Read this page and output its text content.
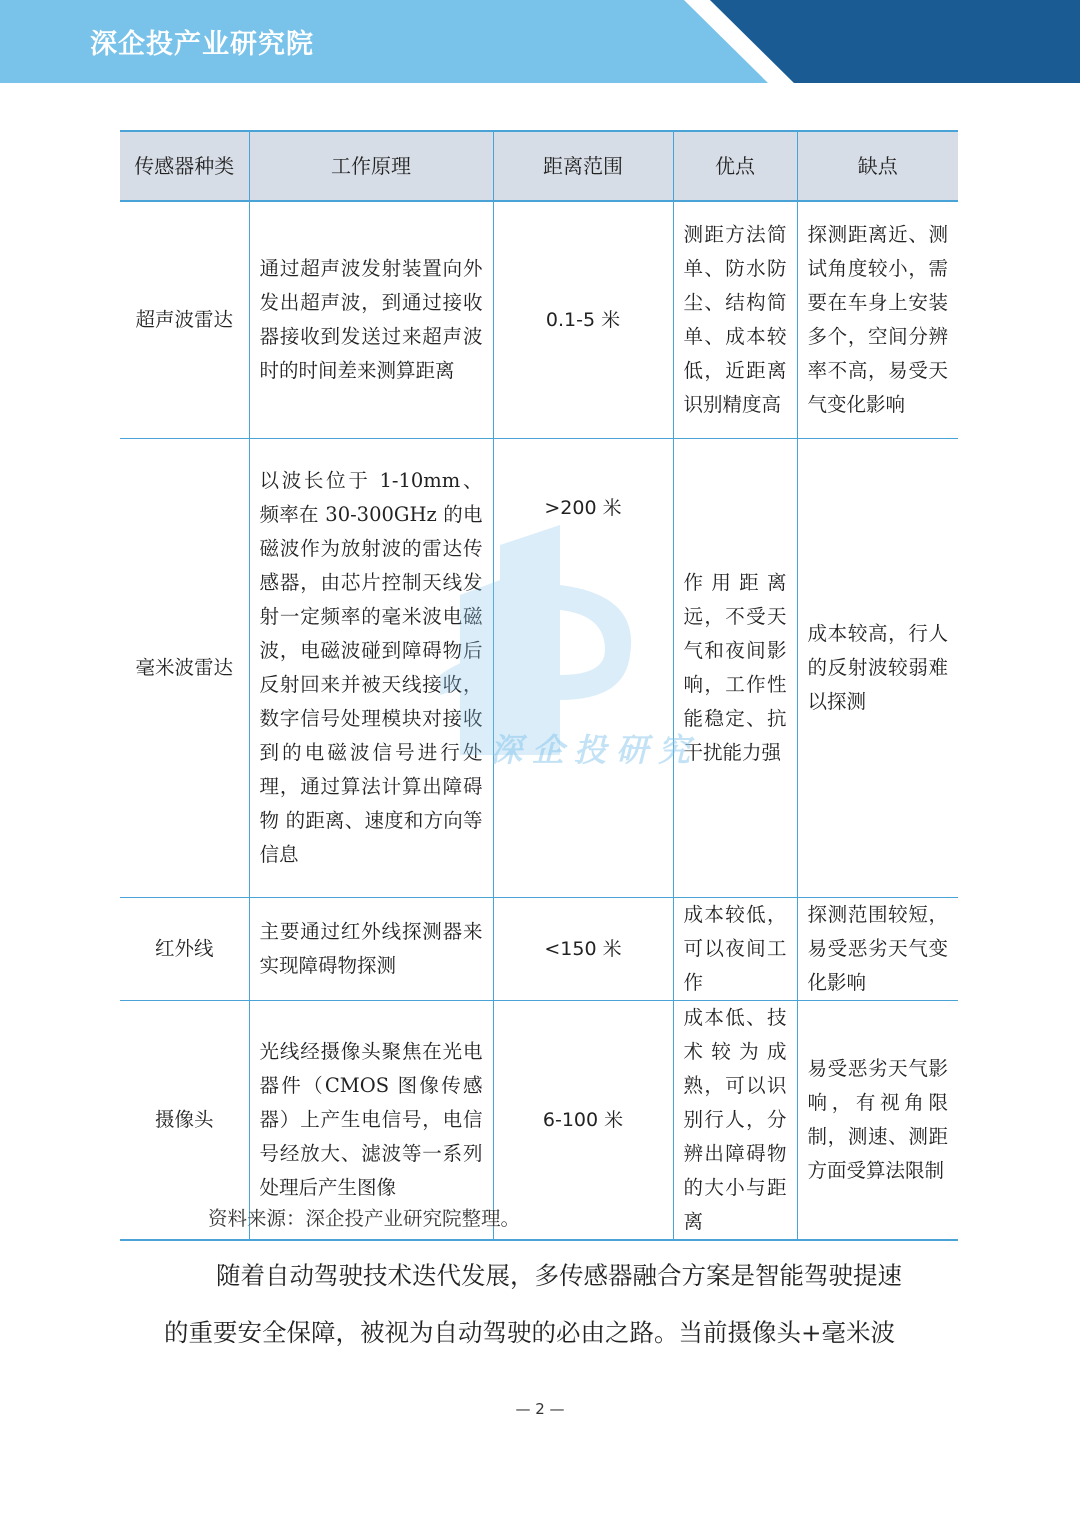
深企投产业研究院
传感器种类	工作原理	距离范围	优点	缺点
超声波雷达	通过超声波发射装置向外发出超声波，到通过接收器接收到发送过来超声波时的时间差来测算距离	0.1-5 米	测距方法简单、防水防尘、结构简单、成本较低，近距离识别精度高	探测距离近、测试角度较小，需要在车身上安装多个，空间分辨率不高，易受天气变化影响
毫米波雷达	以波长位于 1-10mm、频率在 30-300GHz 的电磁波作为放射波的雷达传感器，由芯片控制天线发射一定频率的毫米波电磁波，电磁波碰到障碍物后反射回来并被天线接收，数字信号处理模块对接收到的电磁波信号进行处理，通过算法计算出障碍物 的距离、速度和方向等信息	>200 米	作用距离远，不受天气和夜间影响，工作性能稳定、抗干扰能力强	成本较高，行人的反射波较弱难以探测
红外线	主要通过红外线探测器来实现障碍物探测	<150 米	成本较低，可以夜间工作	探测范围较短，易受恶劣天气变化影响
摄像头	光线经摄像头聚焦在光电器件（CMOS 图像传感器）上产生电信号，电信号经放大、滤波等一系列处理后产生图像	6-100 米	成本低、技术较为成熟，可以识别行人，分辨出障碍物的大小与距离	易受恶劣天气影响，有视角限制，测速、测距方面受算法限制
深企投研究
资料来源：深企投产业研究院整理。
随着自动驾驶技术迭代发展，多传感器融合方案是智能驾驶提速的重要安全保障，被视为自动驾驶的必由之路。当前摄像头+毫米波
— 2 —
